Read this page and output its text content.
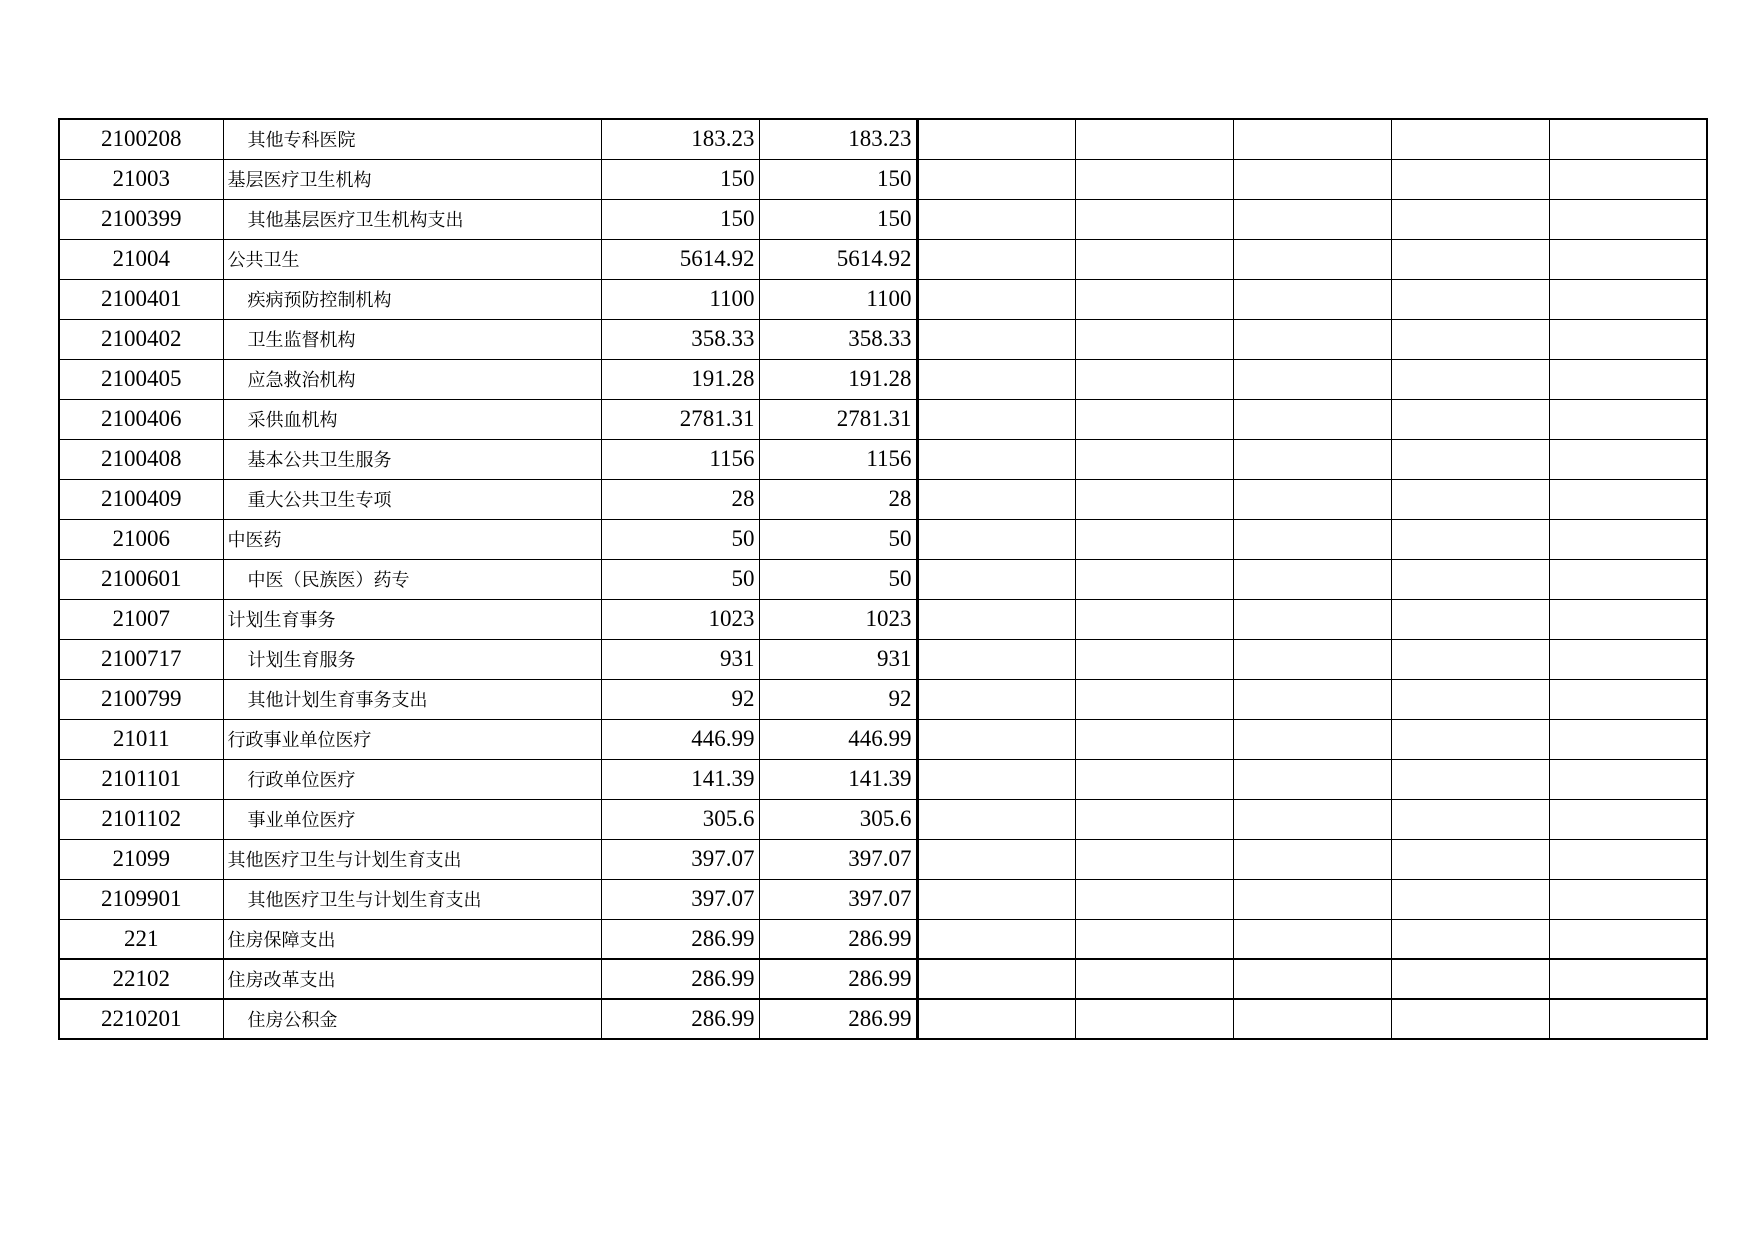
2100208	其他专科医院	183.23	183.23					
21003	基层医疗卫生机构	150	150					
2100399	其他基层医疗卫生机构支出	150	150					
21004	公共卫生	5614.92	5614.92					
2100401	疾病预防控制机构	1100	1100					
2100402	卫生监督机构	358.33	358.33					
2100405	应急救治机构	191.28	191.28					
2100406	采供血机构	2781.31	2781.31					
2100408	基本公共卫生服务	1156	1156					
2100409	重大公共卫生专项	28	28					
21006	中医药	50	50					
2100601	中医（民族医）药专	50	50					
21007	计划生育事务	1023	1023					
2100717	计划生育服务	931	931					
2100799	其他计划生育事务支出	92	92					
21011	行政事业单位医疗	446.99	446.99					
2101101	行政单位医疗	141.39	141.39					
2101102	事业单位医疗	305.6	305.6					
21099	其他医疗卫生与计划生育支出	397.07	397.07					
2109901	其他医疗卫生与计划生育支出	397.07	397.07					
221	住房保障支出	286.99	286.99					
22102	住房改革支出	286.99	286.99					
2210201	住房公积金	286.99	286.99					
